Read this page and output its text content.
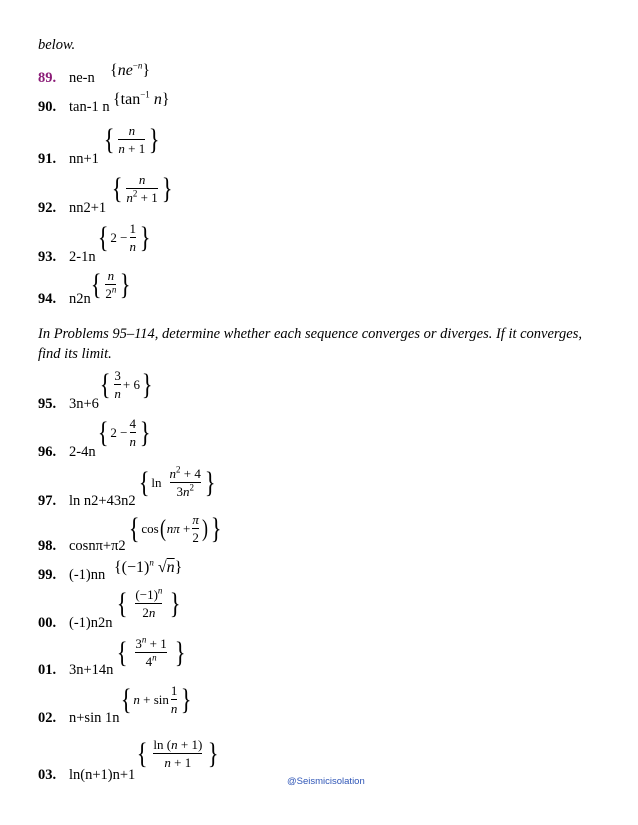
below.
89. ne-n $\{ne^{-n}\}$
90. tan-1 n {$\tan^{-1}$ n}
91. nn+1
{ $\frac{n}{n + 1}$ }
92. nn2+1
{ $\frac{n}{n^2 + 1}$ }
93. 2-1n
{ $2 - \frac{1}{n}$ }
94. n2n { $\frac{n}{2^n}$ }
In Problems 95–114, determine whether each sequence converges or diverges. If it converges, find its limit.
95. 3n+6
{ $\frac{3}{n} + 6$ }
96. 2-4n
{ $2 - \frac{4}{n}$ }
97. ln n2+43n2
{ $\ln \frac{n^2 + 4}{3n^2}$ }
98. cosnπ+π2
{ cos ( $n\pi + \frac{\pi}{2}$ ) }
99. (-1)nn {$(-1)^n$ √n}
00. (-1)n2n
{ $\frac{(-1)^n}{2n}$ }
01. 3n+14n
{ $\frac{3^n + 1}{4^n}$ }
02. n+sin 1n
{ $n + \sin \frac{1}{n}$ }
03. ln(n+1)n+1
{ $\frac{\ln (n + 1)}{n + 1}$ }
@Seismicisolation
